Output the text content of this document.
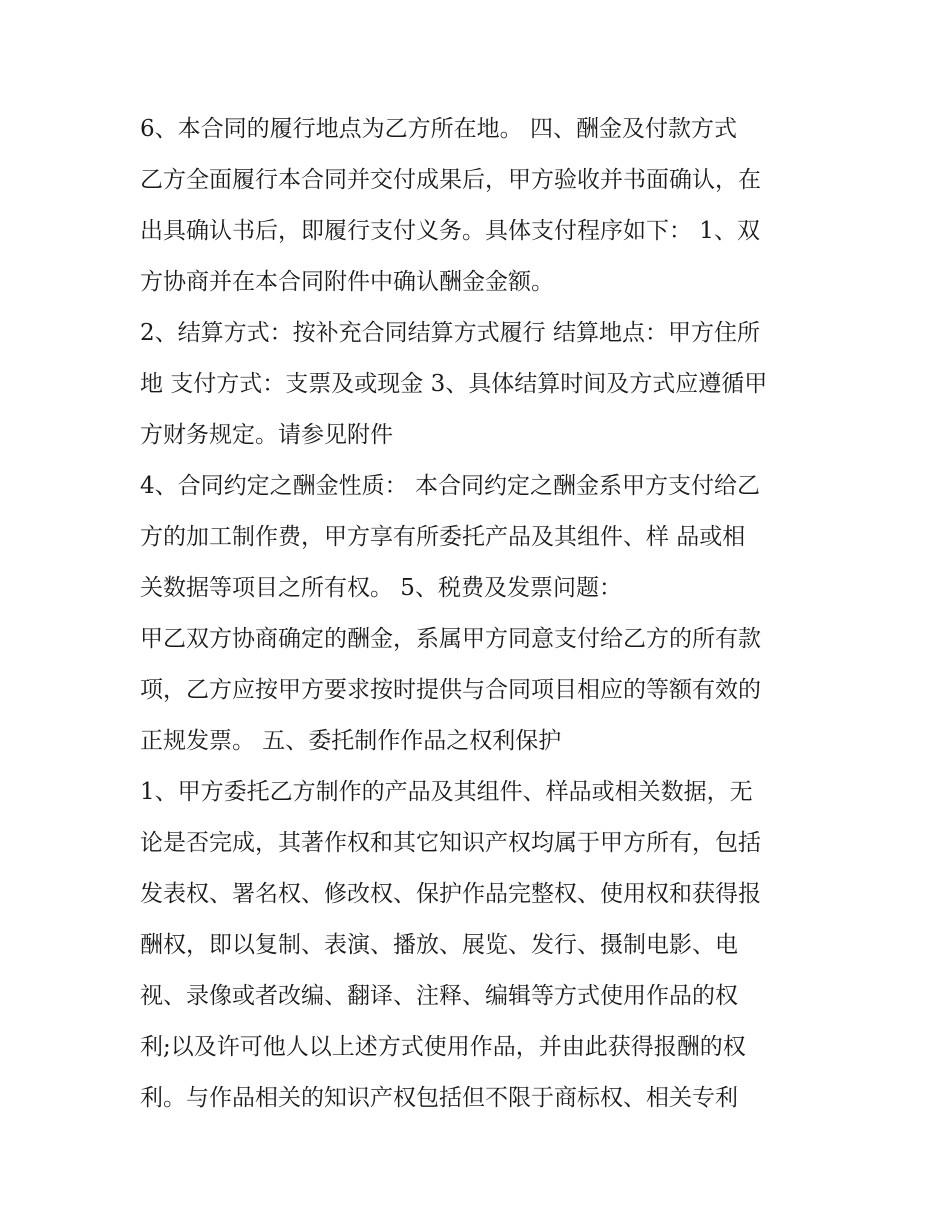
6、本合同的履行地点为乙方所在地。 四、酬金及付款方式
乙方全面履行本合同并交付成果后，甲方验收并书面确认，在
出具确认书后，即履行支付义务。具体支付程序如下： 1、双
方协商并在本合同附件中确认酬金金额。
2、结算方式：按补充合同结算方式履行 结算地点：甲方住所
地 支付方式：支票及或现金 3、具体结算时间及方式应遵循甲
方财务规定。请参见附件
4、合同约定之酬金性质： 本合同约定之酬金系甲方支付给乙
方的加工制作费，甲方享有所委托产品及其组件、样 品或相
关数据等项目之所有权。 5、税费及发票问题：
甲乙双方协商确定的酬金，系属甲方同意支付给乙方的所有款
项，乙方应按甲方要求按时提供与合同项目相应的等额有效的
正规发票。 五、委托制作作品之权利保护
1、甲方委托乙方制作的产品及其组件、样品或相关数据，无
论是否完成，其著作权和其它知识产权均属于甲方所有，包括
发表权、署名权、修改权、保护作品完整权、使用权和获得报
酬权，即以复制、表演、播放、展览、发行、摄制电影、电
视、录像或者改编、翻译、注释、编辑等方式使用作品的权
利;以及许可他人以上述方式使用作品，并由此获得报酬的权
利。与作品相关的知识产权包括但不限于商标权、相关专利
